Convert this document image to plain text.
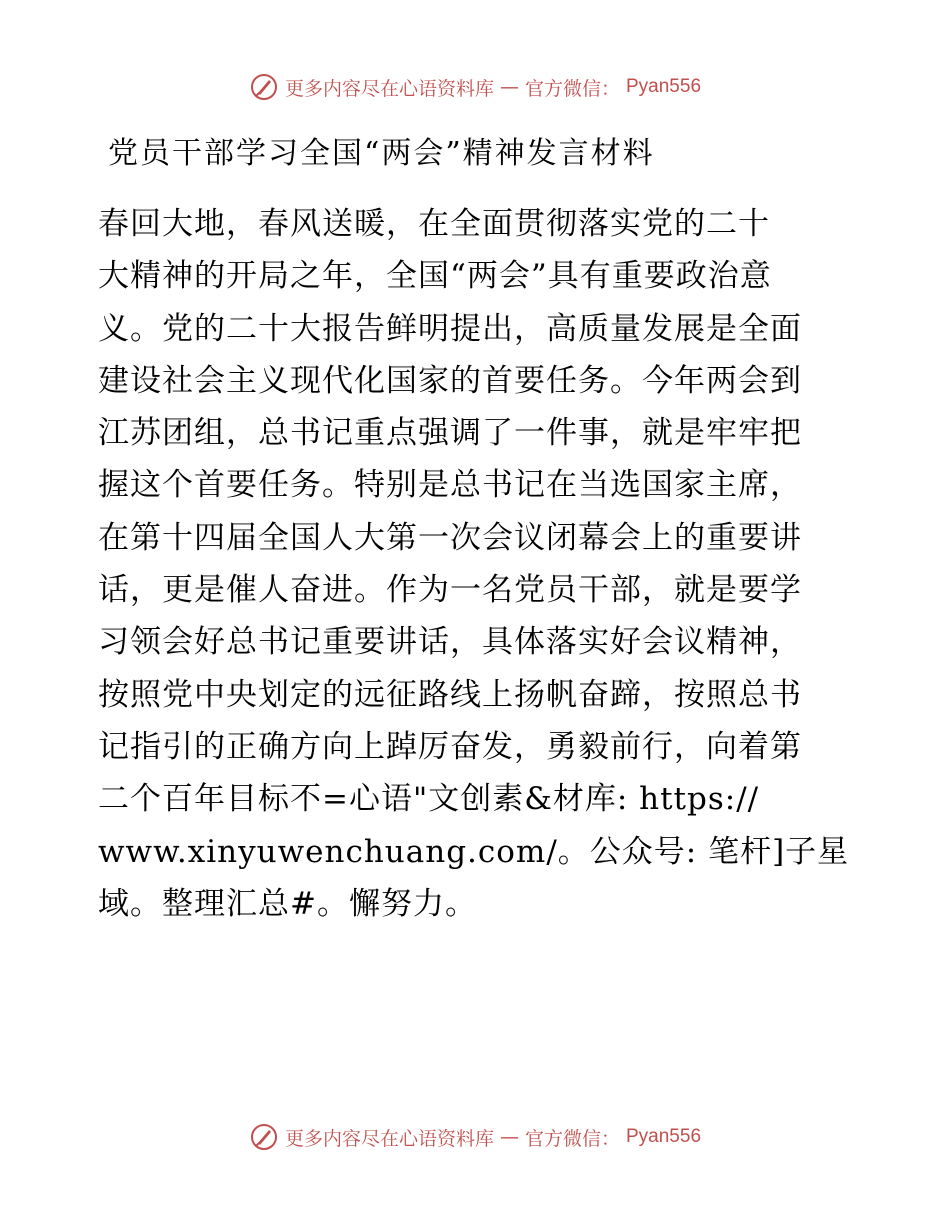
更多内容尽在心语资料库 — 官方微信： Pyan556
党员干部学习全国“两会”精神发言材料
春回大地，春风送暖，在全面贯彻落实党的二十
大精神的开局之年，全国“两会”具有重要政治意
义。党的二十大报告鲜明提出，高质量发展是全面
建设社会主义现代化国家的首要任务。今年两会到
江苏团组，总书记重点强调了一件事，就是牢牢把
握这个首要任务。特别是总书记在当选国家主席，
在第十四届全国人大第一次会议闭幕会上的重要讲
话，更是催人奋进。作为一名党员干部，就是要学
习领会好总书记重要讲话，具体落实好会议精神，
按照党中央划定的远征路线上扬帆奋蹄，按照总书
记指引的正确方向上踔厉奋发，勇毅前行，向着第
二个百年目标不=心语"文创素&材库: https://
www.xinyuwenchuang.com/。公众号: 笔杆]子星
域。整理汇总#。懈努力。
更多内容尽在心语资料库 — 官方微信： Pyan556
